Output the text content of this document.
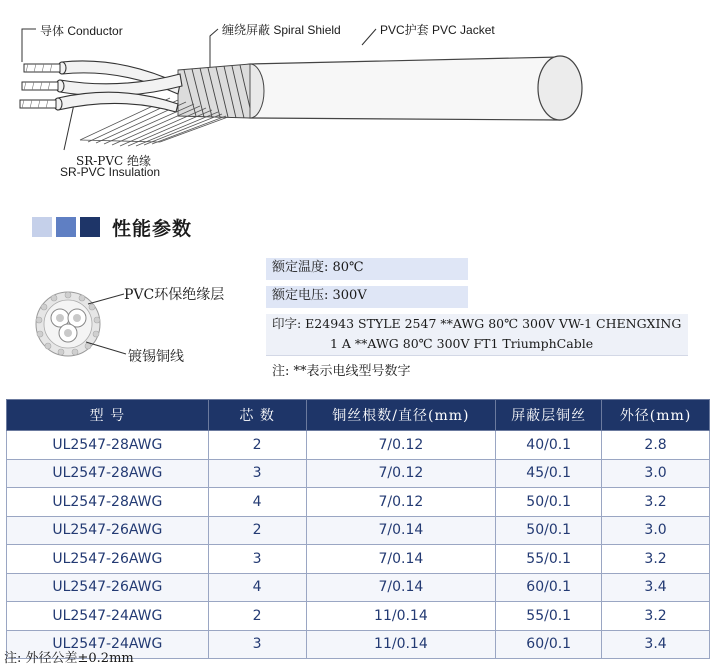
导体 Conductor	缠绕屏蔽 Spiral Shield	PVC护套 PVC Jacket
SR-PVC 绝缘
SR-PVC Insulation
性能参数
PVC环保绝缘层
镀锡铜线
额定温度: 80℃
额定电压: 300V
印字: E24943 STYLE 2547 **AWG 80℃ 300V VW-1 CHENGXING
1 A **AWG 80℃ 300V FT1 TriumphCable
注: **表示电线型号数字
型 号	芯 数	铜丝根数/直径(mm)	屏蔽层铜丝	外径(mm)
UL2547-28AWG	2	7/0.12	40/0.1	2.8
UL2547-28AWG	3	7/0.12	45/0.1	3.0
UL2547-28AWG	4	7/0.12	50/0.1	3.2
UL2547-26AWG	2	7/0.14	50/0.1	3.0
UL2547-26AWG	3	7/0.14	55/0.1	3.2
UL2547-26AWG	4	7/0.14	60/0.1	3.4
UL2547-24AWG	2	11/0.14	55/0.1	3.2
UL2547-24AWG	3	11/0.14	60/0.1	3.4
注: 外径公差±0.2mm
